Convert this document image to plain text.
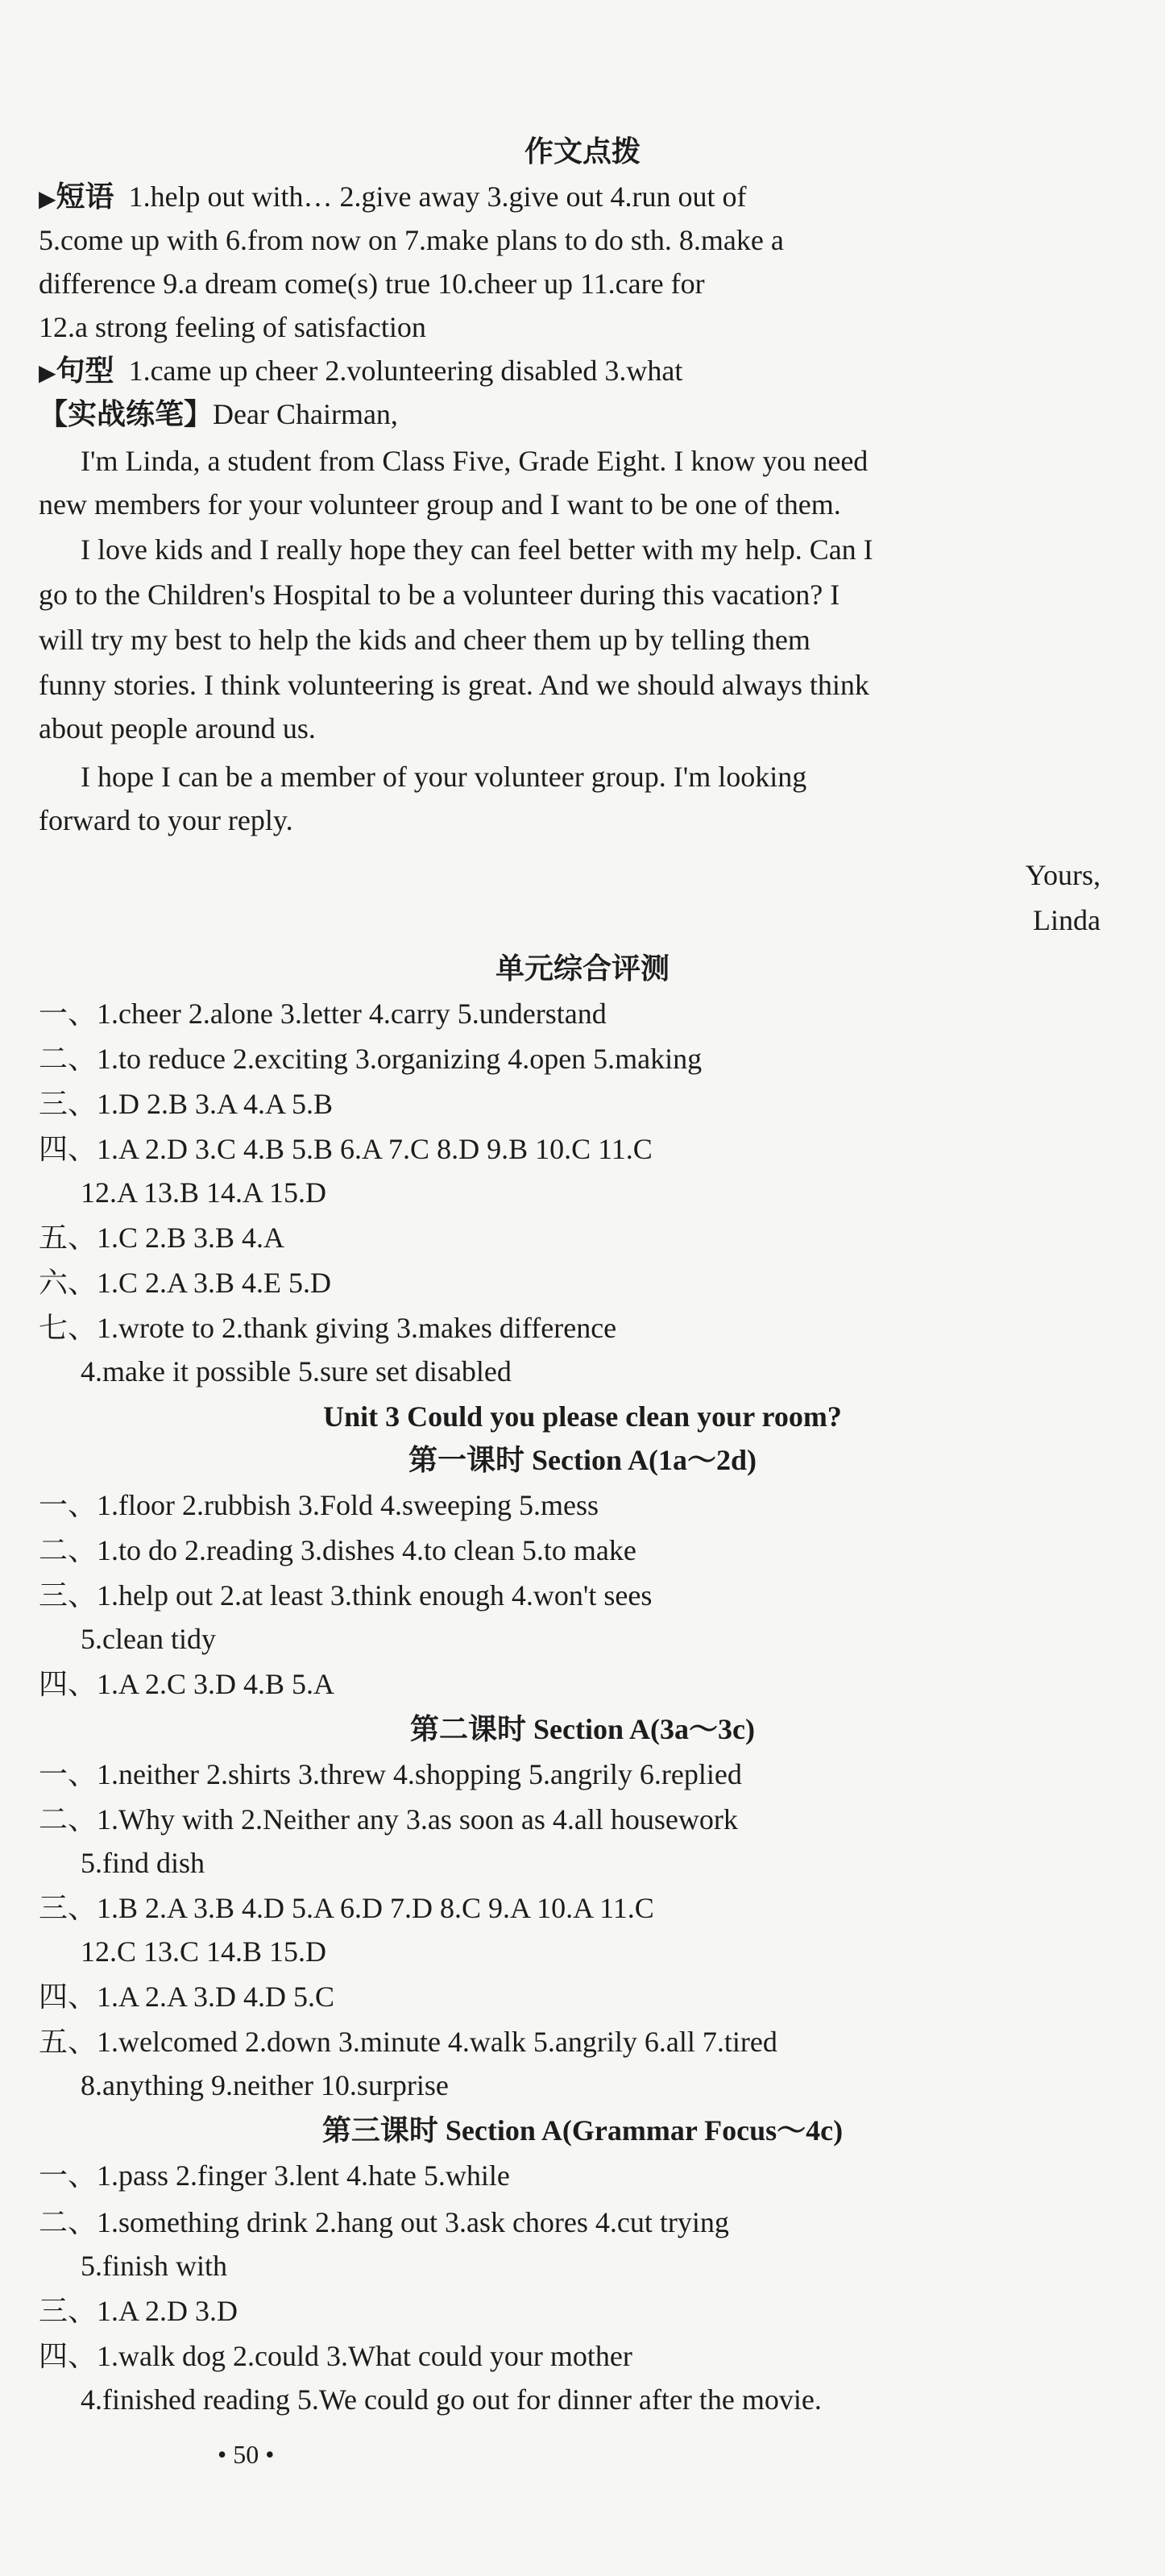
作文点拨
▶短语 1.help out with… 2.give away 3.give out 4.run out of
5.come up with 6.from now on 7.make plans to do sth. 8.make a
difference 9.a dream come(s) true 10.cheer up 11.care for
12.a strong feeling of satisfaction
▶句型 1.came up cheer 2.volunteering disabled 3.what
【实战练笔】Dear Chairman,
I'm Linda, a student from Class Five, Grade Eight. I know you need
new members for your volunteer group and I want to be one of them.
I love kids and I really hope they can feel better with my help. Can I
go to the Children's Hospital to be a volunteer during this vacation? I
will try my best to help the kids and cheer them up by telling them
funny stories. I think volunteering is great. And we should always think
about people around us.
I hope I can be a member of your volunteer group. I'm looking
forward to your reply.
Yours,
Linda
单元综合评测
一、1.cheer 2.alone 3.letter 4.carry 5.understand
二、1.to reduce 2.exciting 3.organizing 4.open 5.making
三、1.D 2.B 3.A 4.A 5.B
四、1.A 2.D 3.C 4.B 5.B 6.A 7.C 8.D 9.B 10.C 11.C
12.A 13.B 14.A 15.D
五、1.C 2.B 3.B 4.A
六、1.C 2.A 3.B 4.E 5.D
七、1.wrote to 2.thank giving 3.makes difference
4.make it possible 5.sure set disabled
Unit 3 Could you please clean your room?
第一课时 Section A(1a～2d)
一、1.floor 2.rubbish 3.Fold 4.sweeping 5.mess
二、1.to do 2.reading 3.dishes 4.to clean 5.to make
三、1.help out 2.at least 3.think enough 4.won't sees
5.clean tidy
四、1.A 2.C 3.D 4.B 5.A
第二课时 Section A(3a～3c)
一、1.neither 2.shirts 3.threw 4.shopping 5.angrily 6.replied
二、1.Why with 2.Neither any 3.as soon as 4.all housework
5.find dish
三、1.B 2.A 3.B 4.D 5.A 6.D 7.D 8.C 9.A 10.A 11.C
12.C 13.C 14.B 15.D
四、1.A 2.A 3.D 4.D 5.C
五、1.welcomed 2.down 3.minute 4.walk 5.angrily 6.all 7.tired
8.anything 9.neither 10.surprise
第三课时 Section A(Grammar Focus～4c)
一、1.pass 2.finger 3.lent 4.hate 5.while
二、1.something drink 2.hang out 3.ask chores 4.cut trying
5.finish with
三、1.A 2.D 3.D
四、1.walk dog 2.could 3.What could your mother
4.finished reading 5.We could go out for dinner after the movie.
• 50 •
